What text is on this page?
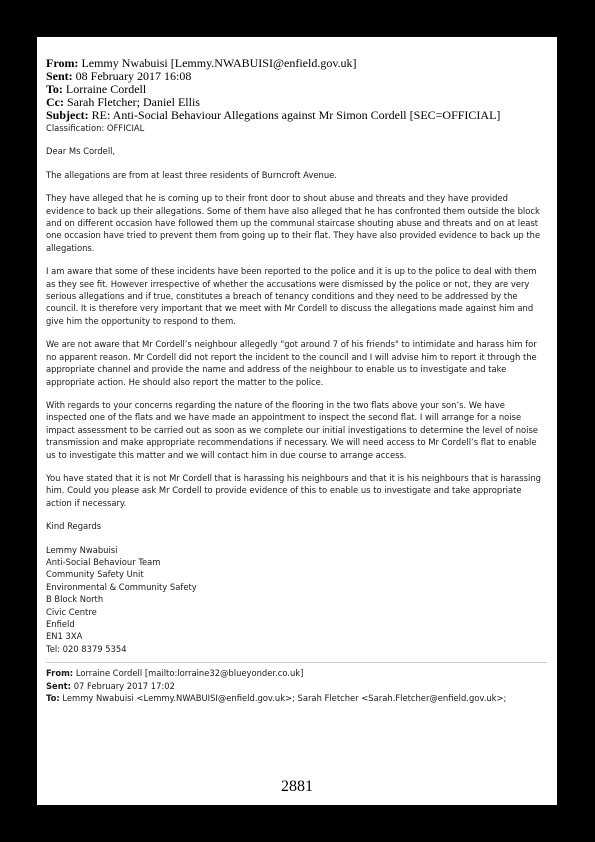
From: Lemmy Nwabuisi [Lemmy.NWABUISI@enfield.gov.uk]
Sent: 08 February 2017 16:08
To: Lorraine Cordell
Cc: Sarah Fletcher; Daniel Ellis
Subject: RE: Anti-Social Behaviour Allegations against Mr Simon Cordell [SEC=OFFICIAL]

Classification: OFFICIAL

Dear Ms Cordell,

The allegations are from at least three residents of Burncroft Avenue.

They have alleged that he is coming up to their front door to shout abuse and threats and they have provided evidence to back up their allegations. Some of them have also alleged that he has confronted them outside the block and on different occasion have followed them up the communal staircase shouting abuse and threats and on at least one occasion have tried to prevent them from going up to their flat. They have also provided evidence to back up the allegations.

I am aware that some of these incidents have been reported to the police and it is up to the police to deal with them as they see fit. However irrespective of whether the accusations were dismissed by the police or not, they are very serious allegations and if true, constitutes a breach of tenancy conditions and they need to be addressed by the council. It is therefore very important that we meet with Mr Cordell to discuss the allegations made against him and give him the opportunity to respond to them.

We are not aware that Mr Cordell’s neighbour allegedly "got around 7 of his friends" to intimidate and harass him for no apparent reason. Mr Cordell did not report the incident to the council and I will advise him to report it through the appropriate channel and provide the name and address of the neighbour to enable us to investigate and take appropriate action. He should also report the matter to the police.

With regards to your concerns regarding the nature of the flooring in the two flats above your son’s. We have inspected one of the flats and we have made an appointment to inspect the second flat. I will arrange for a noise impact assessment to be carried out as soon as we complete our initial investigations to determine the level of noise transmission and make appropriate recommendations if necessary. We will need access to Mr Cordell’s flat to enable us to investigate this matter and we will contact him in due course to arrange access.

You have stated that it is not Mr Cordell that is harassing his neighbours and that it is his neighbours that is harassing him. Could you please ask Mr Cordell to provide evidence of this to enable us to investigate and take appropriate action if necessary.

Kind Regards

Lemmy Nwabuisi

Anti-Social Behaviour Team

Community Safety Unit

Environmental & Community Safety

B Block North

Civic Centre

Enfield

EN1 3XA

Tel: 020 8379 5354

From: Lorraine Cordell [mailto:lorraine32@blueyonder.co.uk]
Sent: 07 February 2017 17:02
To: Lemmy Nwabuisi <Lemmy.NWABUISI@enfield.gov.uk>; Sarah Fletcher <Sarah.Fletcher@enfield.gov.uk>;
2881
